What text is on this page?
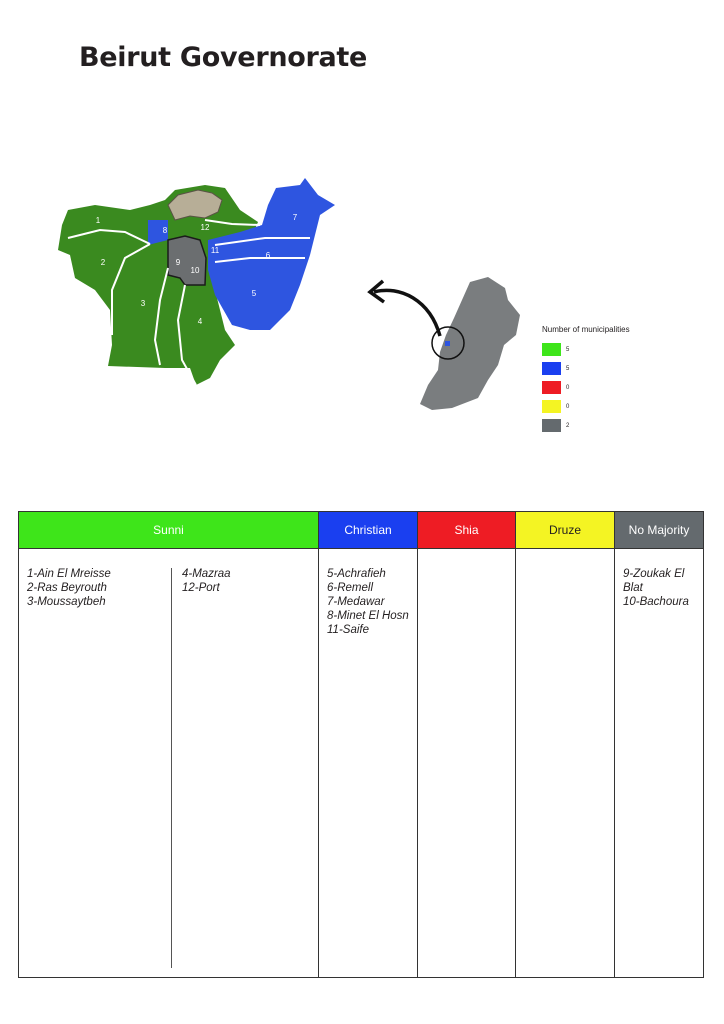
Beirut Governorate
1
2
3
4
5
6
7
8
9
10
11
12
Number of municipalities
5
5
0
0
2
Sunni
1-Ain El Mreisse
2-Ras Beyrouth
3-Moussaytbeh
4-Mazraa
12-Port
Christian
5-Achrafieh
6-Remell
7-Medawar
8-Minet El Hosn
11-Saife
Shia	Druze	No Majority
9-Zoukak El Blat
10-Bachoura
